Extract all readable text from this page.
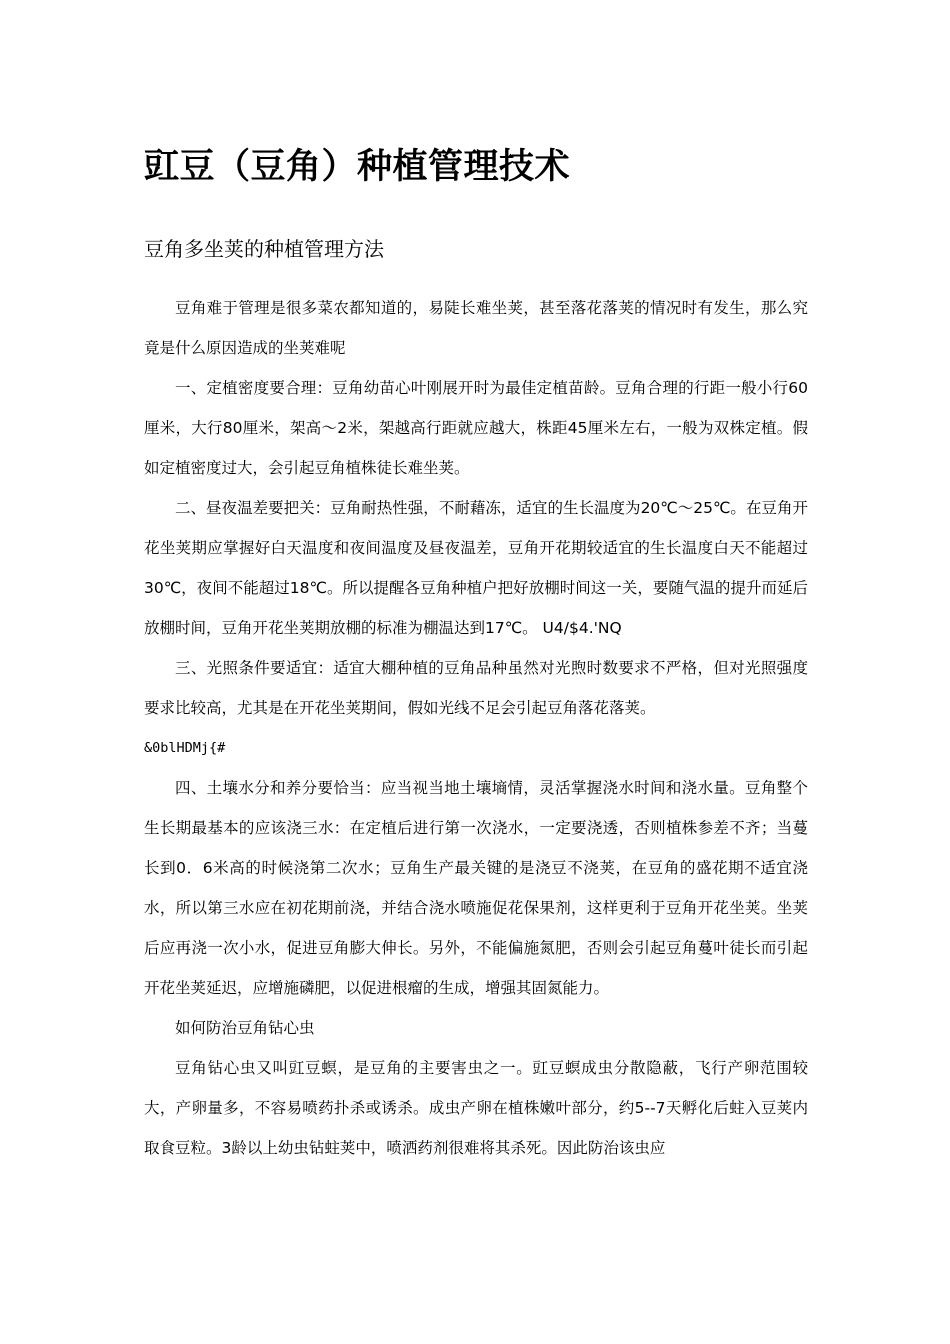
豇豆（豆角）种植管理技术
豆角多坐荚的种植管理方法

豆角难于管理是很多菜农都知道的，易陡长难坐荚，甚至落花落荚的情况时有发生，那么究竟是什么原因造成的坐荚难呢

一、定植密度要合理：豆角幼苗心叶刚展开时为最佳定植苗龄。豆角合理的行距一般小行60厘米，大行80厘米，架高～2米，架越高行距就应越大，株距45厘米左右，一般为双株定植。假如定植密度过大，会引起豆角植株徒长难坐荚。

二、昼夜温差要把关：豆角耐热性强，不耐藉冻，适宜的生长温度为20℃～25℃。在豆角开花坐荚期应掌握好白天温度和夜间温度及昼夜温差，豆角开花期较适宜的生长温度白天不能超过30℃，夜间不能超过18℃。所以提醒各豆角种植户把好放棚时间这一关，要随气温的提升而延后放棚时间，豆角开花坐荚期放棚的标准为棚温达到17℃。 U4/$4.'NQ

三、光照条件要适宜：适宜大棚种植的豆角品种虽然对光煦时数要求不严格，但对光照强度要求比较高，尤其是在开花坐荚期间，假如光线不足会引起豆角落花落荚。

&0blHDMj{#

四、土壤水分和养分要恰当：应当视当地土壤墒情，灵活掌握浇水时间和浇水量。豆角整个生长期最基本的应该浇三水：在定植后进行第一次浇水，一定要浇透，否则植株参差不齐；当蔓长到0．6米高的时候浇第二次水；豆角生产最关键的是浇豆不浇荚，在豆角的盛花期不适宜浇水，所以第三水应在初花期前浇，并结合浇水喷施促花保果剂，这样更利于豆角开花坐荚。坐荚后应再浇一次小水，促进豆角膨大伸长。另外，不能偏施氮肥，否则会引起豆角蔓叶徒长而引起开花坐荚延迟，应增施磷肥，以促进根瘤的生成，增强其固氮能力。

如何防治豆角钻心虫

豆角钻心虫又叫豇豆螟，是豆角的主要害虫之一。豇豆螟成虫分散隐蔽，飞行产卵范围较大，产卵量多，不容易喷药扑杀或诱杀。成虫产卵在植株嫩叶部分，约5--7天孵化后蛀入豆荚内取食豆粒。3龄以上幼虫钻蛀荚中，喷洒药剂很难将其杀死。因此防治该虫应
